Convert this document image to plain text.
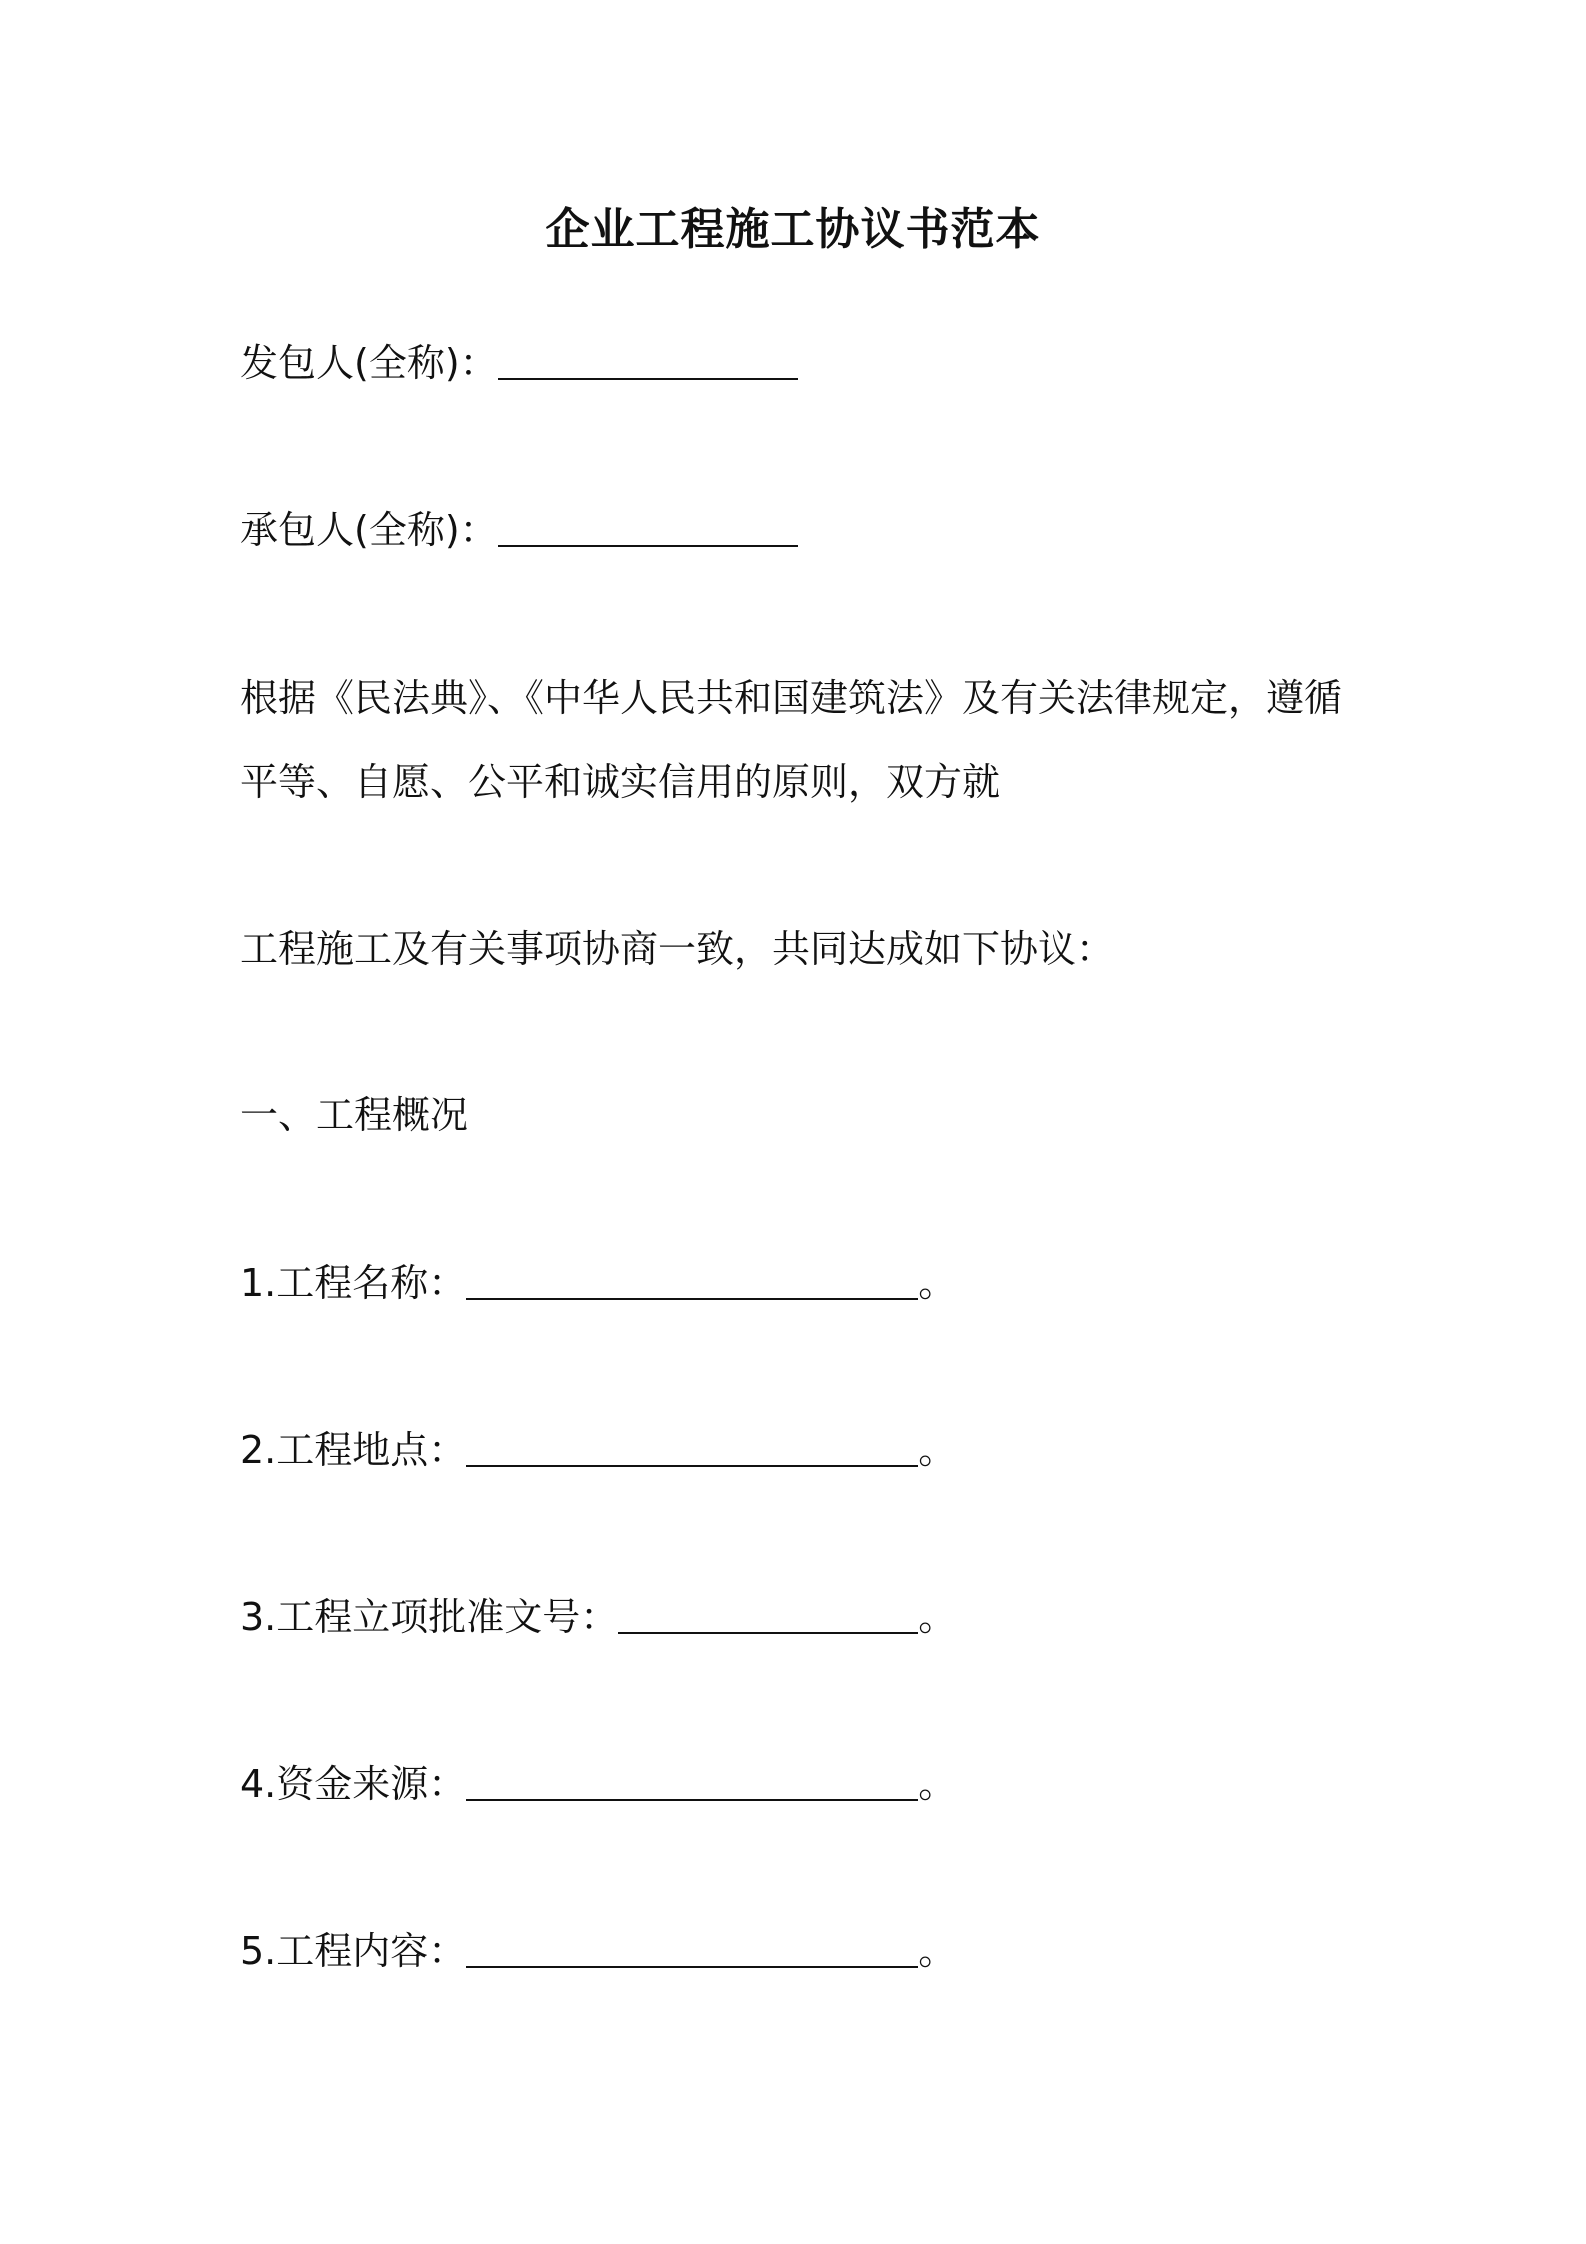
企业工程施工协议书范本

发包人(全称)：

承包人(全称)：

根据《民法典》、《中华人民共和国建筑法》及有关法律规定，遵循平等、自愿、公平和诚实信用的原则，双方就

工程施工及有关事项协商一致，共同达成如下协议：

一、工程概况

1.工程名称：	。

2.工程地点：	。

3.工程立项批准文号：	。

4.资金来源：	。

5.工程内容：	。
